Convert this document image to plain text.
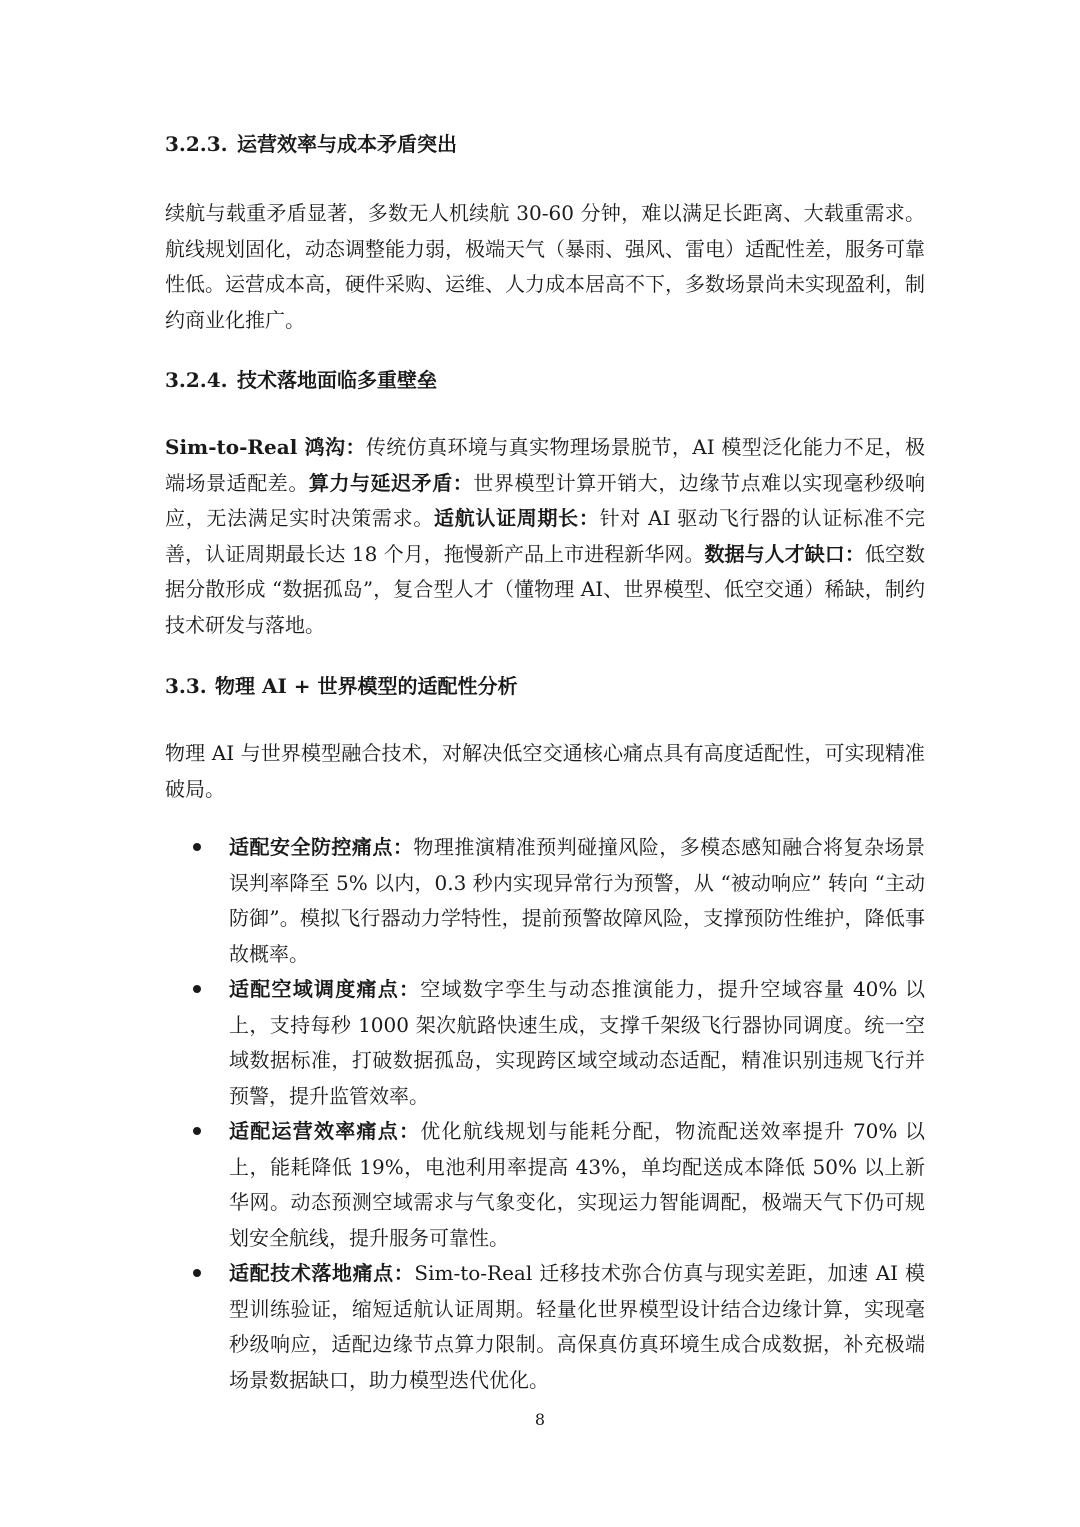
3.2.3. 运营效率与成本矛盾突出
续航与载重矛盾显著，多数无人机续航 30-60 分钟，难以满足长距离、大载重需求。航线规划固化，动态调整能力弱，极端天气（暴雨、强风、雷电）适配性差，服务可靠性低。运营成本高，硬件采购、运维、人力成本居高不下，多数场景尚未实现盈利，制约商业化推广。
3.2.4. 技术落地面临多重壁垒
Sim-to-Real 鸿沟：传统仿真环境与真实物理场景脱节，AI 模型泛化能力不足，极端场景适配差。算力与延迟矛盾：世界模型计算开销大，边缘节点难以实现毫秒级响应，无法满足实时决策需求。适航认证周期长：针对 AI 驱动飞行器的认证标准不完善，认证周期最长达 18 个月，拖慢新产品上市进程新华网。数据与人才缺口：低空数据分散形成 “数据孤岛”，复合型人才（懂物理 AI、世界模型、低空交通）稀缺，制约技术研发与落地。
3.3. 物理 AI + 世界模型的适配性分析
物理 AI 与世界模型融合技术，对解决低空交通核心痛点具有高度适配性，可实现精准破局。
适配安全防控痛点：物理推演精准预判碰撞风险，多模态感知融合将复杂场景误判率降至 5% 以内，0.3 秒内实现异常行为预警，从 “被动响应” 转向 “主动防御”。模拟飞行器动力学特性，提前预警故障风险，支撑预防性维护，降低事故概率。
适配空域调度痛点：空域数字孪生与动态推演能力，提升空域容量 40% 以上，支持每秒 1000 架次航路快速生成，支撑千架级飞行器协同调度。统一空域数据标准，打破数据孤岛，实现跨区域空域动态适配，精准识别违规飞行并预警，提升监管效率。
适配运营效率痛点：优化航线规划与能耗分配，物流配送效率提升 70% 以上，能耗降低 19%，电池利用率提高 43%，单均配送成本降低 50% 以上新华网。动态预测空域需求与气象变化，实现运力智能调配，极端天气下仍可规划安全航线，提升服务可靠性。
适配技术落地痛点：Sim-to-Real 迁移技术弥合仿真与现实差距，加速 AI 模型训练验证，缩短适航认证周期。轻量化世界模型设计结合边缘计算，实现毫秒级响应，适配边缘节点算力限制。高保真仿真环境生成合成数据，补充极端场景数据缺口，助力模型迭代优化。
8
